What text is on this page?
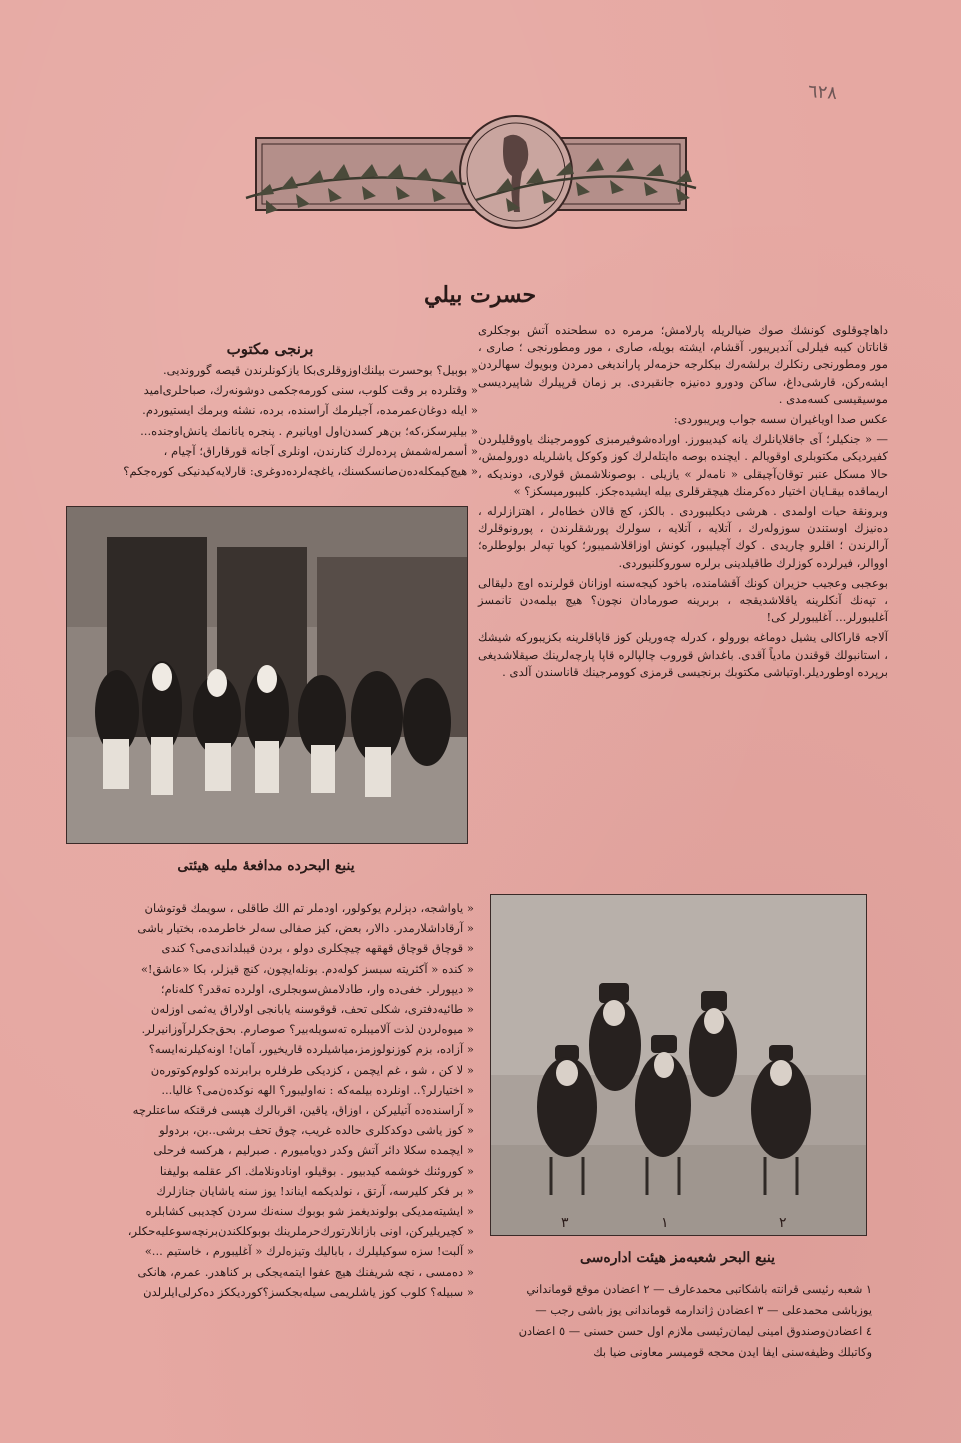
٦٢٨
حسرت بيلي

داهاچوقلوی كونشك صوك ضيالريله پارلامش؛ مرمره ده سطحنده آتش بوجكلری قاناتان كيبه فيلرلی آنديريبور. آقشام، ايشته بويله، صاری ، مور ومطورنجی ؛ صاری ، مور ومطورنجی رنكلرك برلشه‌رك بيكلرجه حزمه‌لر پاراندیغی دمردن وبويوك سهالردن ايشه‌ركن، قارشی‌داغ، ساكن ودورو دەنيزه جانقيردی. بر زمان قرپيلرك شاپيردیسی موسيقيسی كسه‌مدی .

عكس صدا اوياغيران سسه جواب ويريبوردی:

— « جنكيلر؛ آی جاقلايانلرك يانه كيديبورز. اوراده‌شوفيرمبزی كوومرجينك ياووقليلردن كفيرديكی مكتوبلری اوقويالم . ايچنده بوصه ه‌ايتله‌لرك كوز وكوكل ياشلريله دورولمش، حالا مسكل عنبر توقان‌آچيقلی « نامه‌لر » يازيلی . بوصونلاشمش قولاری، دونديكه ، اريماقده بيقـايان اختيار ده‌كرمنك هيچقرقلری بيله ايشيده‌جكز. كليبورميسكز؟ »

وبرونقة حيات اولمدی . هرشی ديكليبوردی . بالكز، كچ قالان خطاه‌لر ، اهتزازلرله ، دەنيزك اوستندن سوزولەرك ، آتلايه ، آتلايه ، سولرك پورشقلرندن ، پورونوقلرك آرالرندن ؛ اقلرو چاريدی . كوك آچيليبور، كونش اوزاقلاشميبور؛ كويا تپه‌لر بولوطلره؛ اووالر، فيرلرده كوزلرك طاقيلدينی برلره سوروكلنيوردی.

بوعجبی وعجيب حزيران كونك آقشامنده، باخود كيجه‌سنه اوزانان قولرنده اوچ دليقالی ، تپه‌نك آنكلرينه ياقلاشديقجه ، بربرينه صورمادان نچون؟ هيچ بيلمه‌دن تانمسز آغليبورلر... آغليبورلر كی!

آلاجه قاراكالی يشيل دوماغه بورولو ، كدرله چه‌وريلن كوز قاپاقلرينه بكزيبورکه شيشك ، استانبولك قوقندن مادياً آقدی. باغداش قوروب چالپالره قاپا پارچه‌لرينك صيقلاشديغی برپرده اوطوردیلر.اوتياشی مكتوبك برنجيسی قرمزی كوومرجينك قاناسندن آلدی .

برنجی مكتوب

« بوبيل؟ بوحسرت بيلنك‌اوزوقلرى‌بكا ياز‌كونلرندن قيصه گورونديی.

« وقتلرده بر وقت كلوب، سنی كورمه‌جكمی دوشونه‌رك، صباحلری‌اميد

« ايله دوغان‌عمرمده، آجيلرمك آراسنده، برده، نشئه وبرمك ايستيوردم.

« بيليرسكز،كه؛ بن‌هر كسدن‌اول اويانيرم . پنجره يانانمك يانش‌اوجنده...

« أسمرله‌شمش پرده‌لرك كنارندن، اونلری آجانه قورقاراق؛ آچيام ،

« هيچ‌كيمكله‌ده‌ن‌صانسكسنك، ياغچه‌لرده‌دوغری: قارلايه‌كيدنيكی كوره‌جكم؟

ينبع البحرده مدافعهٔ مليه هيئتی

« ياواشجه، دېزلرم يوكولور، اودملر تم الك طاقلی ، سويمك قوتوشان

« آرقاداشلارمدر. دالار، بعض، كيز صفالی سه‌لر خاطرمده، بختيار باشی

« قوچاق قوچاق قهقهه چيچكلری دولو ، بردن قيبلداندی‌می؟ كندی

« كنده « آكثريته سبسز كولەدم. بونلەايچون، كنچ قيزلر، بكا «عاشق!»

« ديپورلر. خفی‌ده وار، طادلامش‌سو‌بجلری، اولرده ته‌قدر؟ كلەنام؛

« طائيه‌دفتری، شكلی تحف، قوقوسنه يابانجی اولاراق يه‌ثمی اوزله‌ن

« ميوه‌لردن لذت آلاميبلره ته‌سويله‌بير؟ صوصارم. بحق‌جكرلرآوزانيرلر.

« آزاده، بزم كوزنولوزمز،مياشيلرده قاريخيور، آمان! اونه‌كيلر‌نه‌ايسه؟

« لا كن ، شو ، غم ايچمن ، كزديكی طرفلره برابرنده كولوم‌كوتورەن

« اختيارلر؟.. اونلرده بيلمه‌كه : نه‌اوليبور؟ الهه نوكده‌ن‌می؟ غاليا...

« آراسنده‌ده آتيليركن ، اوزاق، ياقين، اقربالرك هپسی فرقتكه ساعتلرچه

« كوز ياشی دوكدكلری حالده غريب، چوق تحف برشی..‌بن، بردولو

« ايچمده سكلا دائر آتش وكدر دوياميورم . صبرلیم ، هركسه فرحلی

« كوروئنك خوشمه كيدبيور . بوقيلو، اونادونلامك. اكر عقلمه بوليفنا

« بر فكر كليرسه، آرتق ، نولديكمه ايناند! يوز سنه ياشايان جنازلرك

« ايشيته‌مديكی بولونديغمز شو بوبوك سنه‌نك سردن كچديبی كشابلره

« كچيريليركن، اونی بازانلار‌تورك‌حرملرينك بوبوكلكندن‌برنچه‌سوعليه‌حكلر،

« آلبت! سزه سوكيليلرك ، باباليك وتيزه‌لرك « آغليبورم ، خاستيم ...»

« ده‌مسی ، نچه شريفنك هيچ عفوا ايتمه‌يجكی بر كناهدر. عمرم، هانكی

« سبيله؟ كلوب كوز ياشلريمی سيله‌بجكسز؟كوردیككز‌ ده‌كرلی‌ايلرلدن

٢
١
٣
ينبع البحر شعبه‌مز هيئت اداره‌سی

١ شعبه رئيسی قرانته باشكاتبی محمدعارف — ٢ اعضادن موقع قومانداني

يوزباشی محمدعلی — ٣ اعضادن ژاندارمه قوماندانی يوز باشی رجب —

٤ اعضادن‌وصندوق امينی ليمان‌رئيسی ملازم اول حسن حسنی — ٥ اعضادن

وكاتبلك وظيفه‌سنی ايفا ايدن محجه قوميسر معاونی ضيا بك
